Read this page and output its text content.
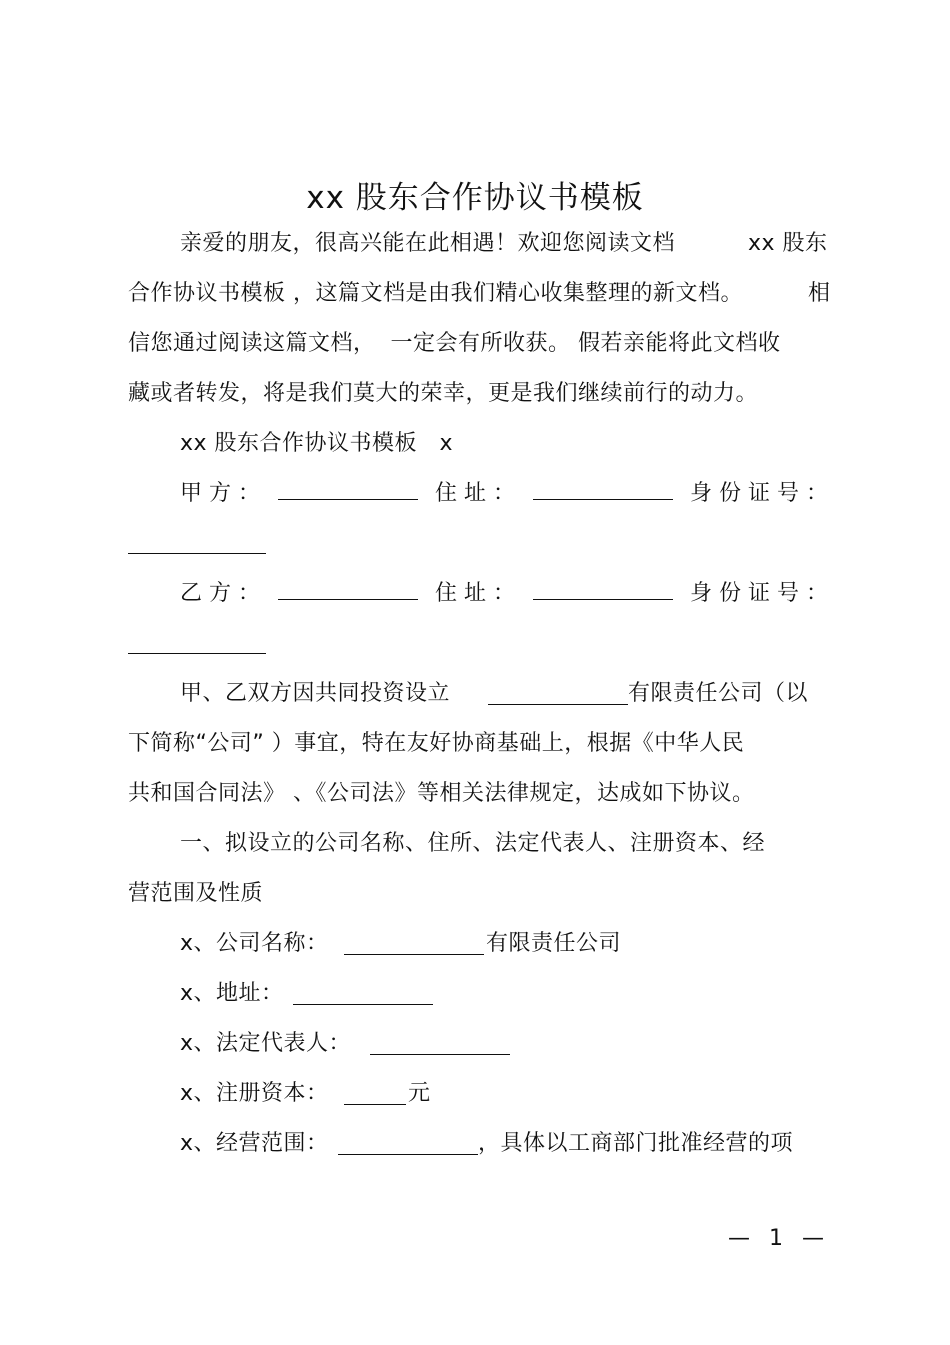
xx 股东合作协议书模板
亲爱的朋友，很高兴能在此相遇！欢迎您阅读文档	xx 股东
合作协议书模板 ，这篇文档是由我们精心收集整理的新文档。	相
信您通过阅读这篇文档，  一定会有所收获。 假若亲能将此文档收
藏或者转发，将是我们莫大的荣幸，更是我们继续前行的动力。
xx 股东合作协议书模板   x
甲 方 ：	住 址 ：	身 份 证 号 ：
乙 方 ：	住 址 ：	身 份 证 号 ：
甲、乙双方因共同投资设立	有限责任公司（以
下简称“公司” ）事宜，特在友好协商基础上，根据《中华人民
共和国合同法》 、《公司法》等相关法律规定，达成如下协议。
一、拟设立的公司名称、住所、法定代表人、注册资本、经
营范围及性质
x、公司名称：	有限责任公司
x、地址：
x、法定代表人：
x、注册资本：	元
x、经营范围：	，具体以工商部门批准经营的项
— 1 —
